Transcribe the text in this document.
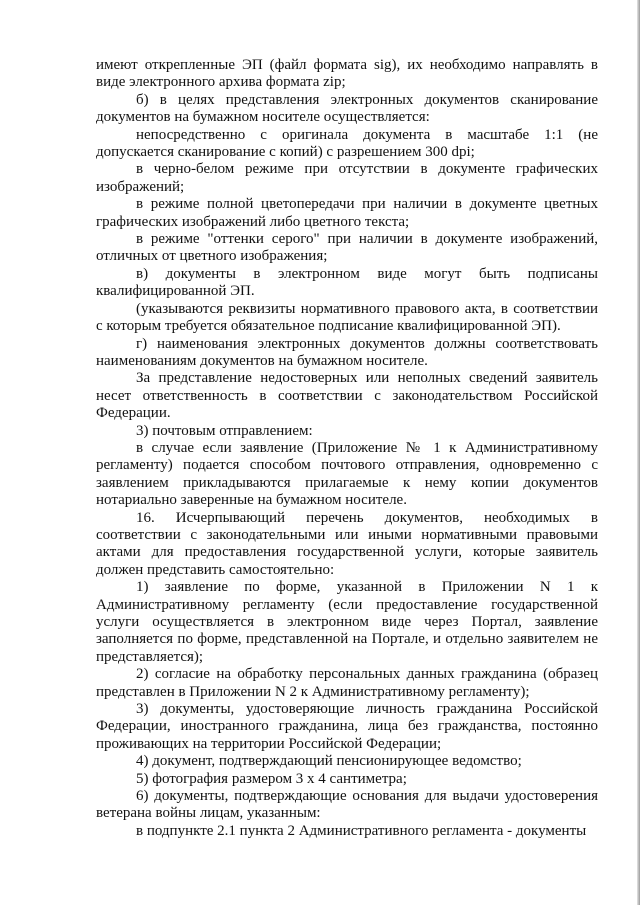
имеют открепленные ЭП (файл формата sig), их необходимо направлять в виде электронного архива формата zip;

б) в целях представления электронных документов сканирование документов на бумажном носителе осуществляется:

непосредственно с оригинала документа в масштабе 1:1 (не допускается сканирование с копий) с разрешением 300 dpi;

в черно-белом режиме при отсутствии в документе графических изображений;

в режиме полной цветопередачи при наличии в документе цветных графических изображений либо цветного текста;

в режиме "оттенки серого" при наличии в документе изображений, отличных от цветного изображения;

в) документы в электронном виде могут быть подписаны квалифицированной ЭП.

(указываются реквизиты нормативного правового акта, в соответствии с которым требуется обязательное подписание квалифицированной ЭП).

г) наименования электронных документов должны соответствовать наименованиям документов на бумажном носителе.

За представление недостоверных или неполных сведений заявитель несет ответственность в соответствии с законодательством Российской Федерации.

3) почтовым отправлением:

в случае если заявление (Приложение № 1 к Административному регламенту) подается способом почтового отправления, одновременно с заявлением прикладываются прилагаемые к нему копии документов нотариально заверенные на бумажном носителе.

16. Исчерпывающий перечень документов, необходимых в соответствии с законодательными или иными нормативными правовыми актами для предоставления государственной услуги, которые заявитель должен представить самостоятельно:

1) заявление по форме, указанной в Приложении N 1 к Административному регламенту (если предоставление государственной услуги осуществляется в электронном виде через Портал, заявление заполняется по форме, представленной на Портале, и отдельно заявителем не представляется);

2) согласие на обработку персональных данных гражданина (образец представлен в Приложении N 2 к Административному регламенту);

3) документы, удостоверяющие личность гражданина Российской Федерации, иностранного гражданина, лица без гражданства, постоянно проживающих на территории Российской Федерации;

4) документ, подтверждающий пенсионирующее ведомство;

5) фотография размером 3 х 4 сантиметра;

6) документы, подтверждающие основания для выдачи удостоверения ветерана войны лицам, указанным:

в подпункте 2.1 пункта 2 Административного регламента - документы
